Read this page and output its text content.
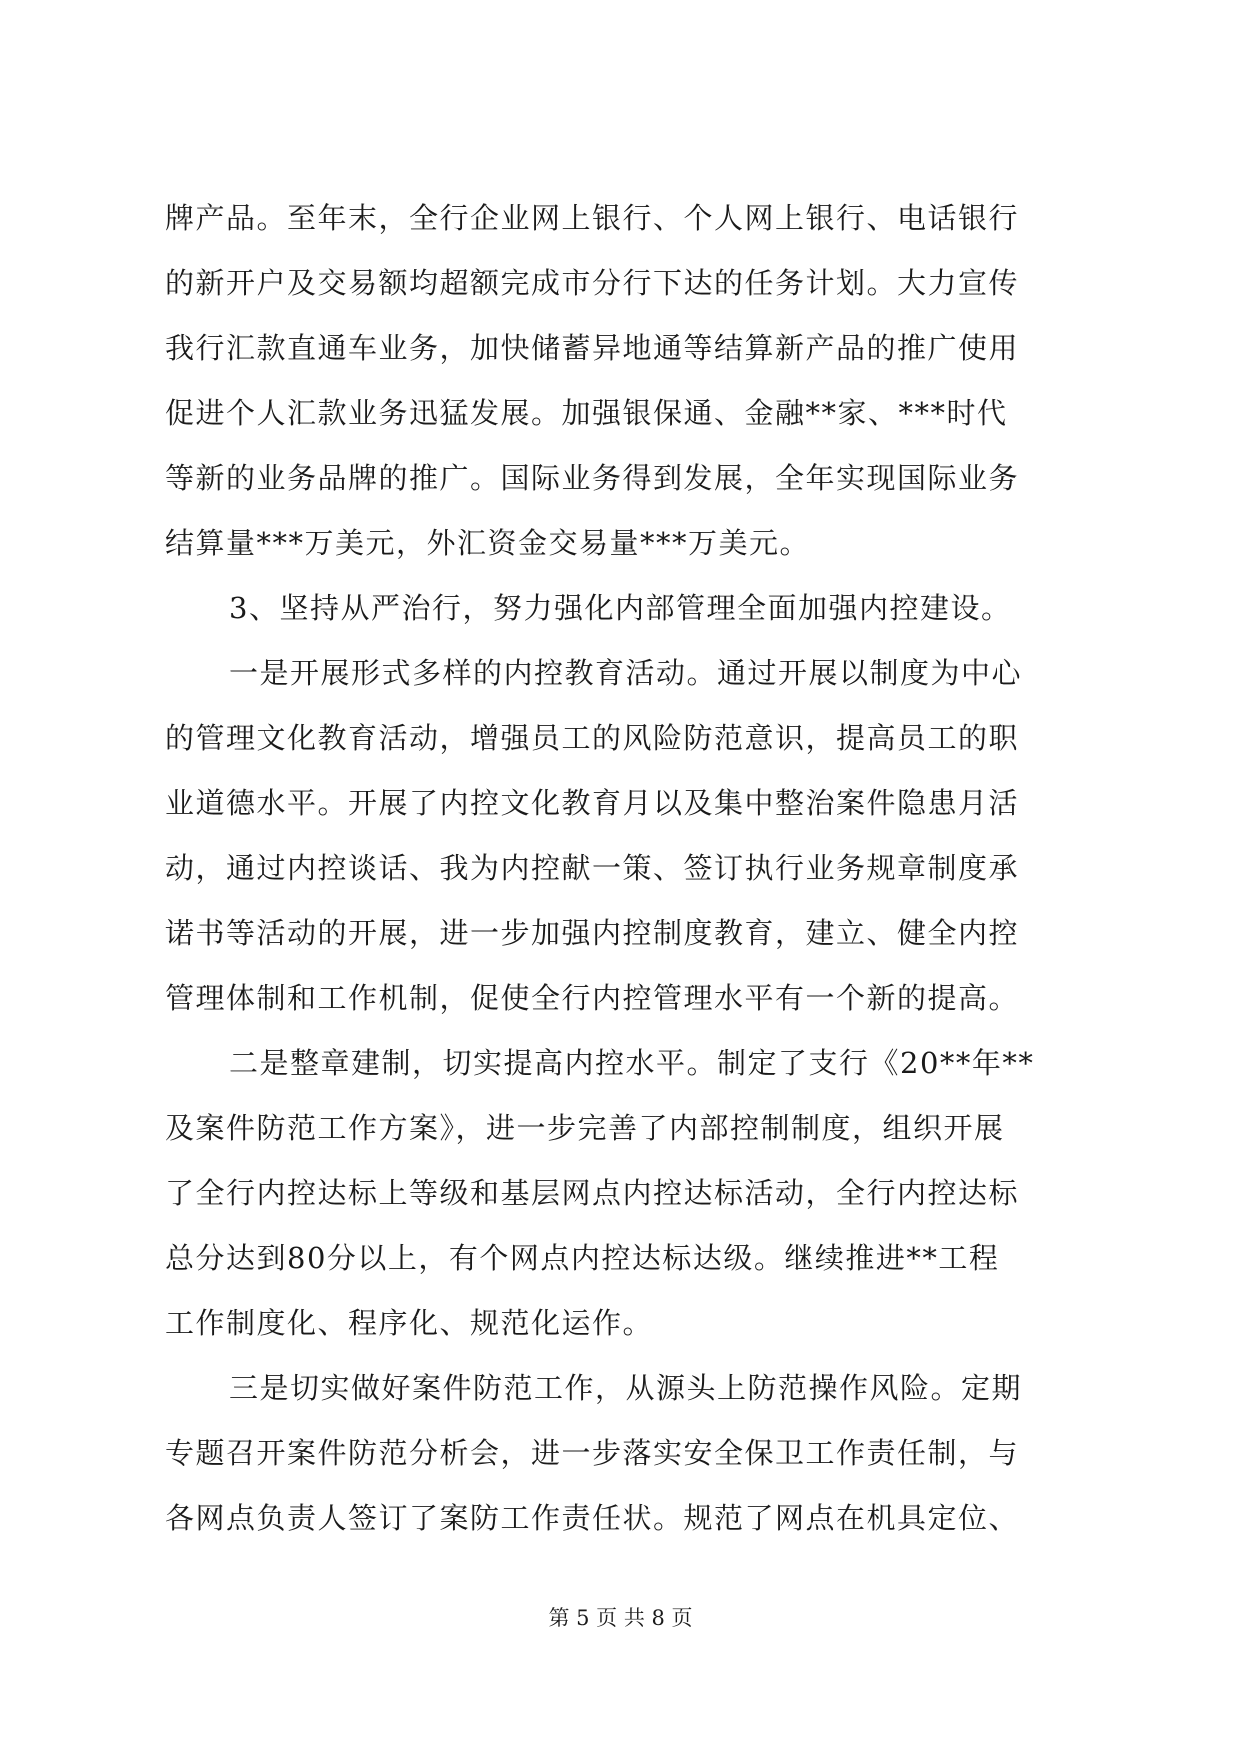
牌产品。至年末，全行企业网上银行、个人网上银行、电话银行
的新开户及交易额均超额完成市分行下达的任务计划。大力宣传
我行汇款直通车业务，加快储蓄异地通等结算新产品的推广使用
促进个人汇款业务迅猛发展。加强银保通、金融**家、***时代
等新的业务品牌的推广。国际业务得到发展，全年实现国际业务
结算量***万美元，外汇资金交易量***万美元。
3、坚持从严治行，努力强化内部管理全面加强内控建设。
一是开展形式多样的内控教育活动。通过开展以制度为中心
的管理文化教育活动，增强员工的风险防范意识，提高员工的职
业道德水平。开展了内控文化教育月以及集中整治案件隐患月活
动，通过内控谈话、我为内控献一策、签订执行业务规章制度承
诺书等活动的开展，进一步加强内控制度教育，建立、健全内控
管理体制和工作机制，促使全行内控管理水平有一个新的提高。
二是整章建制，切实提高内控水平。制定了支行《20**年**
及案件防范工作方案》，进一步完善了内部控制制度，组织开展
了全行内控达标上等级和基层网点内控达标活动，全行内控达标
总分达到80分以上，有个网点内控达标达级。继续推进**工程
工作制度化、程序化、规范化运作。
三是切实做好案件防范工作，从源头上防范操作风险。定期
专题召开案件防范分析会，进一步落实安全保卫工作责任制，与
各网点负责人签订了案防工作责任状。规范了网点在机具定位、
第 5 页 共 8 页
